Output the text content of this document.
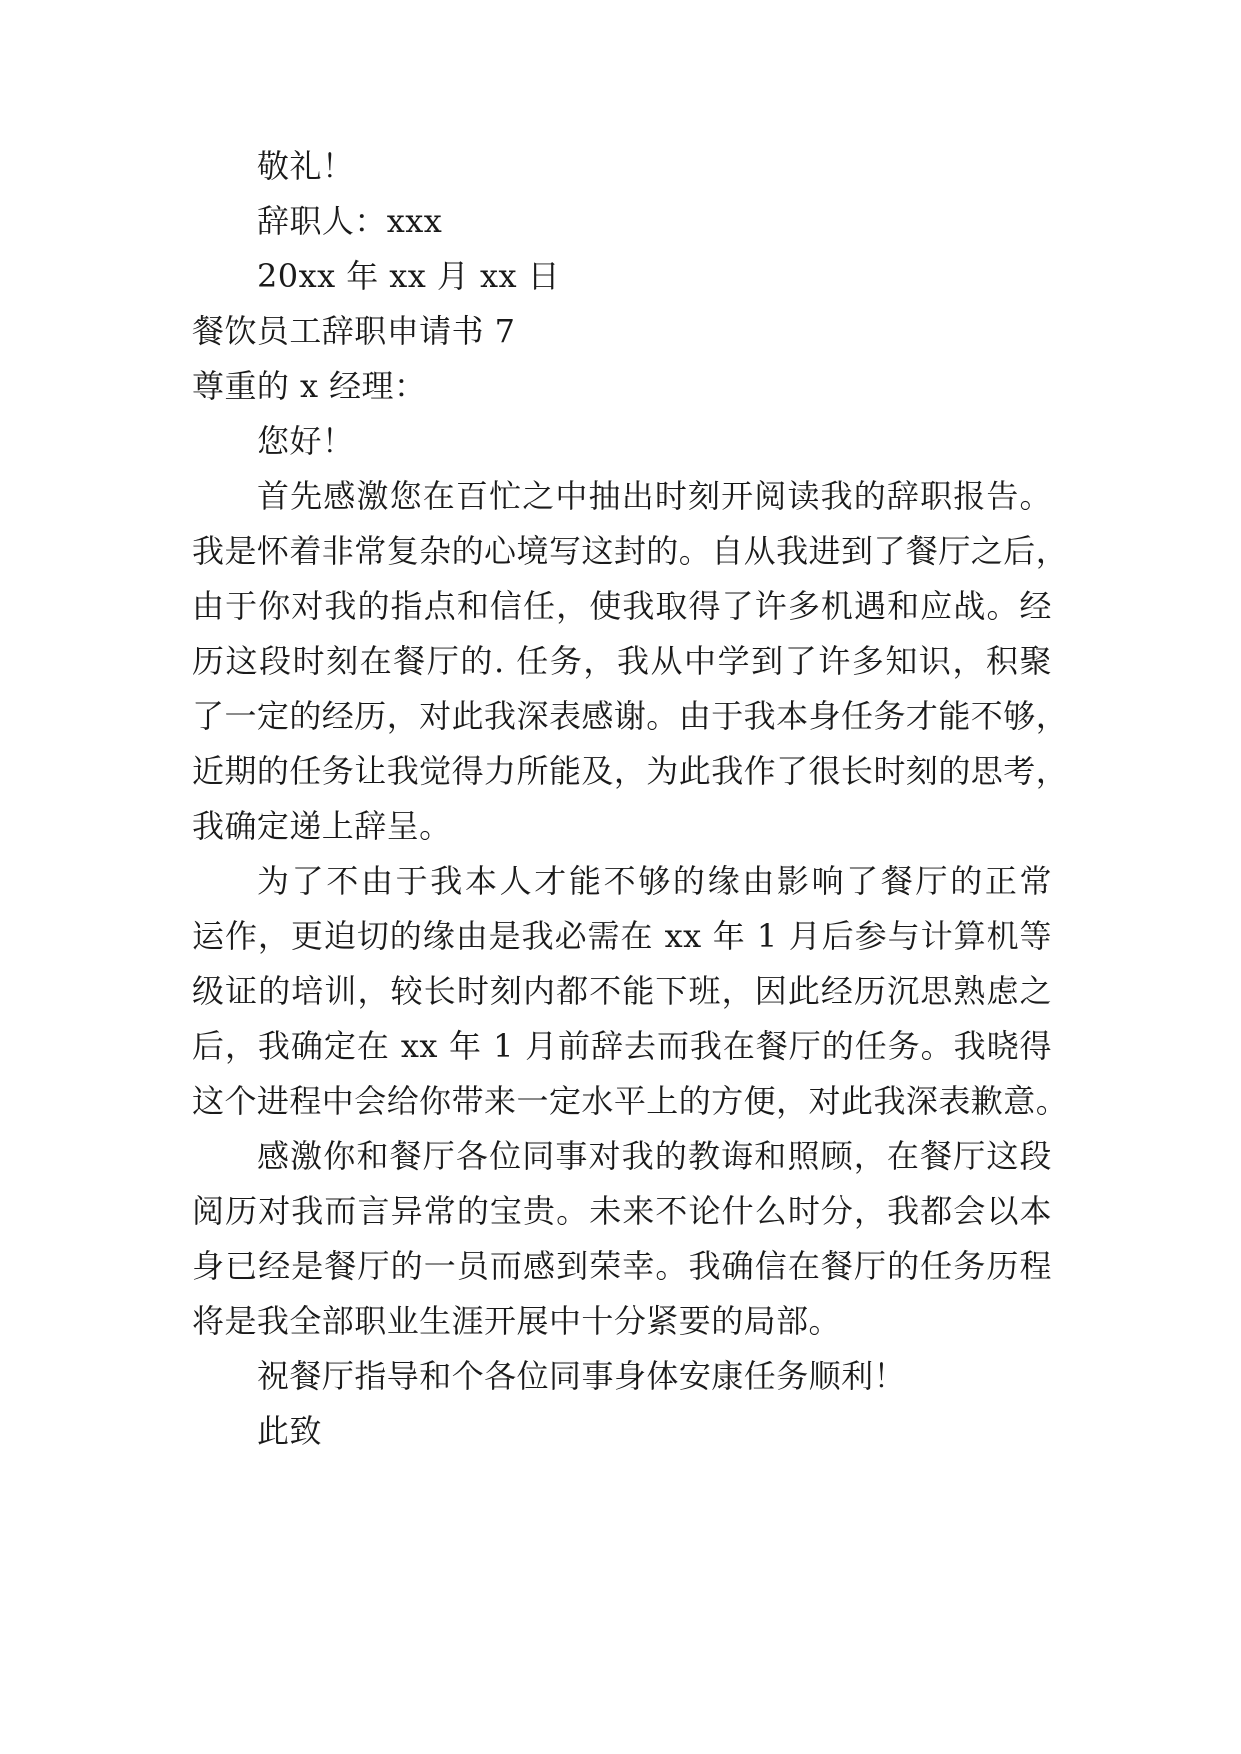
敬礼！
辞职人：xxx
20xx 年 xx 月 xx 日
餐饮员工辞职申请书 7
尊重的 x 经理：
您好！
首先感激您在百忙之中抽出时刻开阅读我的辞职报告。
我是怀着非常复杂的心境写这封的。自从我进到了餐厅之后，
由于你对我的指点和信任，使我取得了许多机遇和应战。经
历这段时刻在餐厅的. 任务，我从中学到了许多知识，积聚
了一定的经历，对此我深表感谢。由于我本身任务才能不够，
近期的任务让我觉得力所能及，为此我作了很长时刻的思考，
我确定递上辞呈。
为了不由于我本人才能不够的缘由影响了餐厅的正常
运作，更迫切的缘由是我必需在 xx 年 1 月后参与计算机等
级证的培训，较长时刻内都不能下班，因此经历沉思熟虑之
后，我确定在 xx 年 1 月前辞去而我在餐厅的任务。我晓得
这个进程中会给你带来一定水平上的方便，对此我深表歉意。
感激你和餐厅各位同事对我的教诲和照顾，在餐厅这段
阅历对我而言异常的宝贵。未来不论什么时分，我都会以本
身已经是餐厅的一员而感到荣幸。我确信在餐厅的任务历程
将是我全部职业生涯开展中十分紧要的局部。
祝餐厅指导和个各位同事身体安康任务顺利！
此致
